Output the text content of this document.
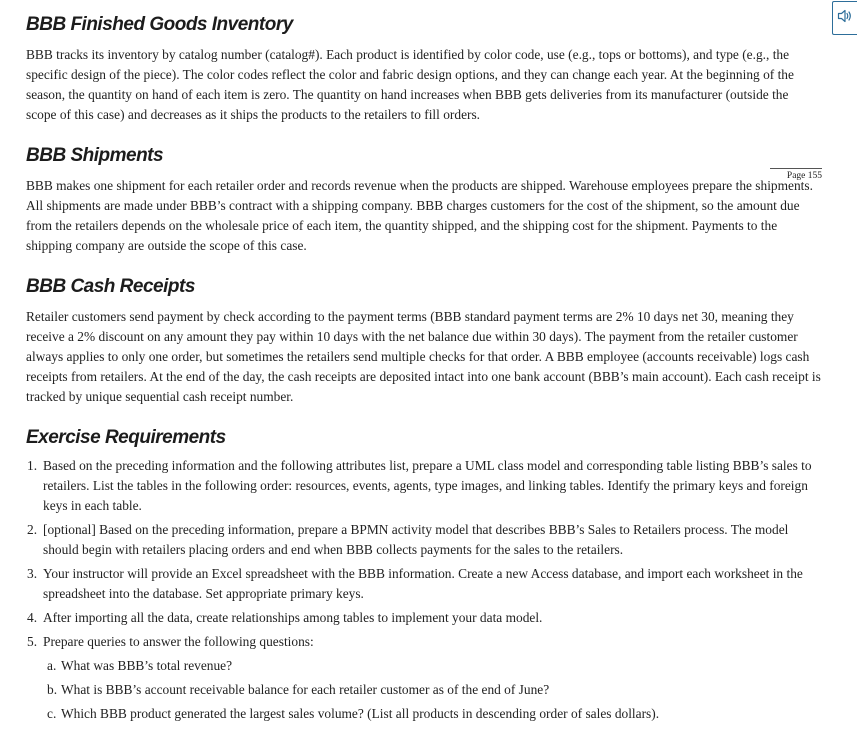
BBB Finished Goods Inventory

BBB tracks its inventory by catalog number (catalog#). Each product is identified by color code, use (e.g., tops or bottoms), and type (e.g., the specific design of the piece). The color codes reflect the color and fabric design options, and they can change each year. At the beginning of the season, the quantity on hand of each item is zero. The quantity on hand increases when BBB gets deliveries from its manufacturer (outside the scope of this case) and decreases as it ships the products to the retailers to fill orders.

BBB Shipments

BBB makes one shipment for each retailer order and records revenue when the products are shipped. Warehouse employees prepare the shipments. All shipments are made under BBB’s contract with a shipping company. BBB charges customers for the cost of the shipment, so the amount due from the retailers depends on the wholesale price of each item, the quantity shipped, and the shipping cost for the shipment. Payments to the shipping company are outside the scope of this case.

BBB Cash Receipts

Retailer customers send payment by check according to the payment terms (BBB standard payment terms are 2% 10 days net 30, meaning they receive a 2% discount on any amount they pay within 10 days with the net balance due within 30 days). The payment from the retailer customer always applies to only one order, but sometimes the retailers send multiple checks for that order. A BBB employee (accounts receivable) logs cash receipts from retailers. At the end of the day, the cash receipts are deposited intact into one bank account (BBB’s main account). Each cash receipt is tracked by unique sequential cash receipt number.

Exercise Requirements
1. Based on the preceding information and the following attributes list, prepare a UML class model and corresponding table listing BBB’s sales to retailers. List the tables in the following order: resources, events, agents, type images, and linking tables. Identify the primary keys and foreign keys in each table.
2. [optional] Based on the preceding information, prepare a BPMN activity model that describes BBB’s Sales to Retailers process. The model should begin with retailers placing orders and end when BBB collects payments for the sales to the retailers.
3. Your instructor will provide an Excel spreadsheet with the BBB information. Create a new Access database, and import each worksheet in the spreadsheet into the database. Set appropriate primary keys.
4. After importing all the data, create relationships among tables to implement your data model.
5. Prepare queries to answer the following questions:
a. What was BBB’s total revenue?
b. What is BBB’s account receivable balance for each retailer customer as of the end of June?
c. Which BBB product generated the largest sales volume? (List all products in descending order of sales dollars).
Page 155
